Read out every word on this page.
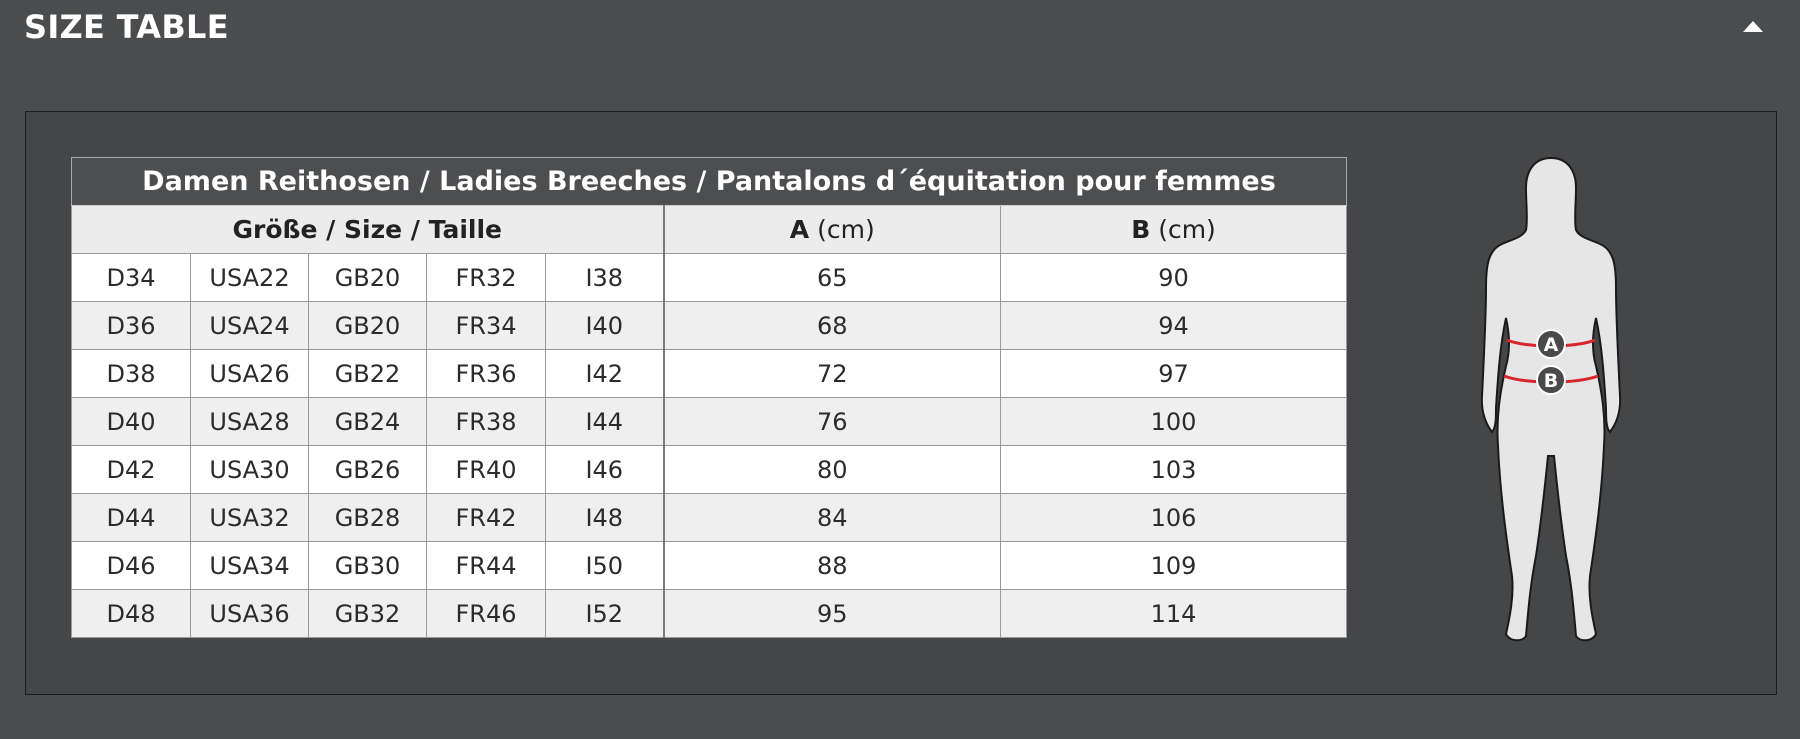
SIZE TABLE
Damen Reithosen / Ladies Breeches / Pantalons d´équitation pour femmes						
Größe / Size / Taille					A (cm)	B (cm)
D34	USA22	GB20	FR32	I38	65	90
D36	USA24	GB20	FR34	I40	68	94
D38	USA26	GB22	FR36	I42	72	97
D40	USA28	GB24	FR38	I44	76	100
D42	USA30	GB26	FR40	I46	80	103
D44	USA32	GB28	FR42	I48	84	106
D46	USA34	GB30	FR44	I50	88	109
D48	USA36	GB32	FR46	I52	95	114
A
B
